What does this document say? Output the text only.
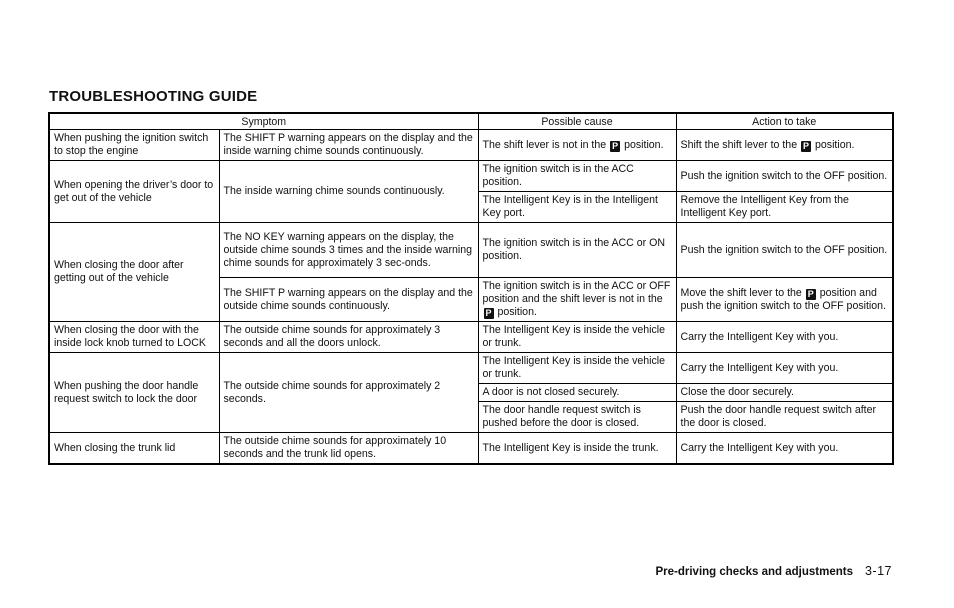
TROUBLESHOOTING GUIDE
Symptom		Possible cause	Action to take
When pushing the ignition switch to stop the engine	The SHIFT P warning appears on the display and the inside warning chime sounds continuously.	The shift lever is not in the P position.	Shift the shift lever to the P position.
When opening the driver’s door to get out of the vehicle	The inside warning chime sounds continuously.	The ignition switch is in the ACC position.	Push the ignition switch to the OFF position.
		The Intelligent Key is in the Intelligent Key port.	Remove the Intelligent Key from the Intelligent Key port.
When closing the door after getting out of the vehicle	The NO KEY warning appears on the display, the outside chime sounds 3 times and the inside warning chime sounds for approximately 3 sec-onds.	The ignition switch is in the ACC or ON position.	Push the ignition switch to the OFF position.
	The SHIFT P warning appears on the display and the outside chime sounds continuously.	The ignition switch is in the ACC or OFF position and the shift lever is not in the P position.	Move the shift lever to the P position and push the ignition switch to the OFF position.
When closing the door with the inside lock knob turned to LOCK	The outside chime sounds for approximately 3 seconds and all the doors unlock.	The Intelligent Key is inside the vehicle or trunk.	Carry the Intelligent Key with you.
When pushing the door handle request switch to lock the door	The outside chime sounds for approximately 2 seconds.	The Intelligent Key is inside the vehicle or trunk.	Carry the Intelligent Key with you.
		A door is not closed securely.	Close the door securely.
		The door handle request switch is pushed before the door is closed.	Push the door handle request switch after the door is closed.
When closing the trunk lid	The outside chime sounds for approximately 10 seconds and the trunk lid opens.	The Intelligent Key is inside the trunk.	Carry the Intelligent Key with you.
Pre-driving checks and adjustments 3-17
